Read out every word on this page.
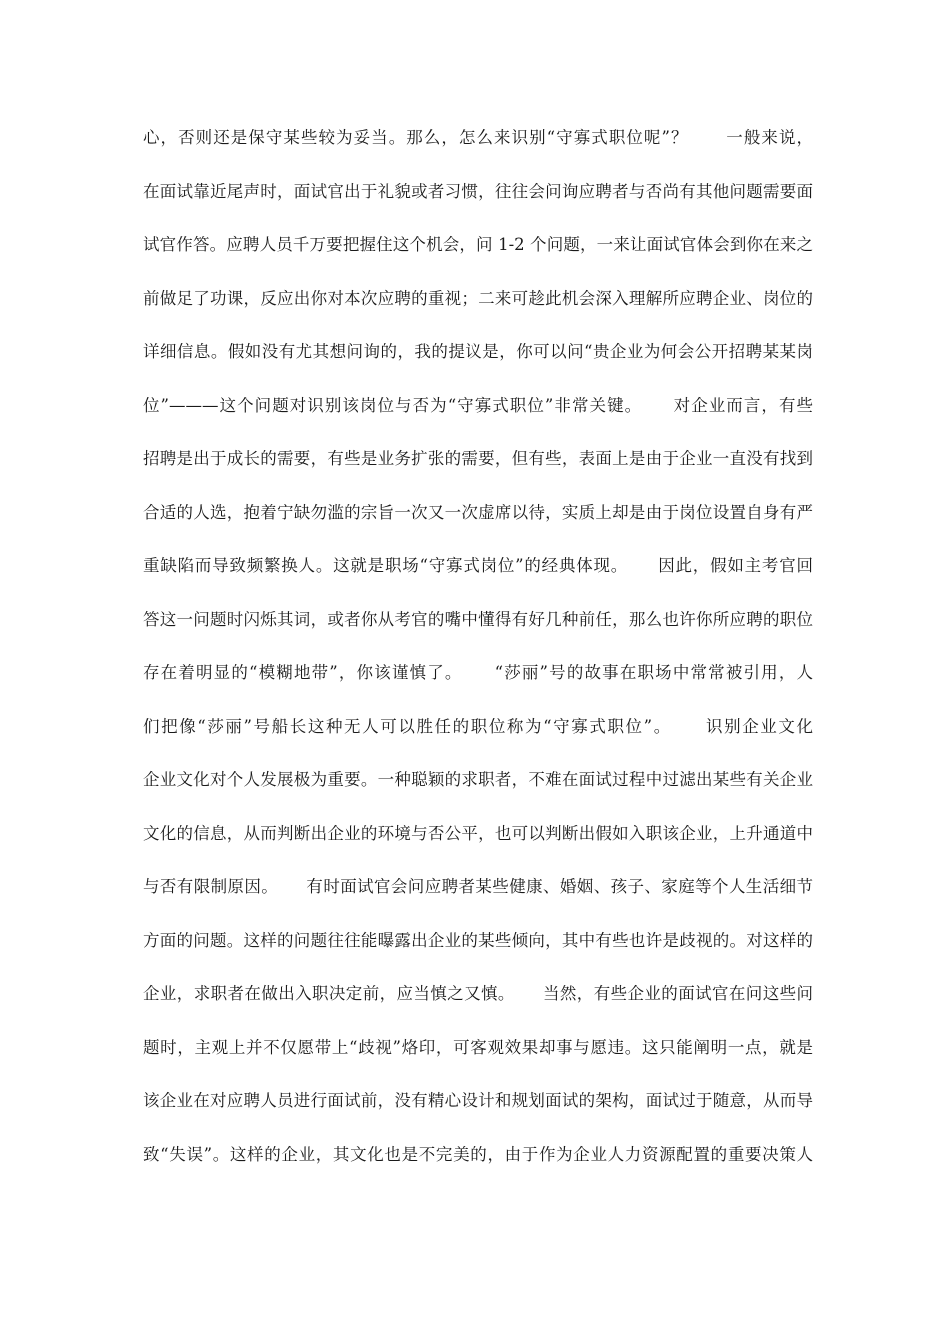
心，否则还是保守某些较为妥当。那么，怎么来识别“守寡式职位呢”？      一般来说，
在面试靠近尾声时，面试官出于礼貌或者习惯，往往会问询应聘者与否尚有其他问题需要面
试官作答。应聘人员千万要把握住这个机会，问 1-2 个问题，一来让面试官体会到你在来之
前做足了功课，反应出你对本次应聘的重视；二来可趁此机会深入理解所应聘企业、岗位的
详细信息。假如没有尤其想问询的，我的提议是，你可以问“贵企业为何会公开招聘某某岗
位”———这个问题对识别该岗位与否为“守寡式职位”非常关键。     对企业而言，有些
招聘是出于成长的需要，有些是业务扩张的需要，但有些，表面上是由于企业一直没有找到
合适的人选，抱着宁缺勿滥的宗旨一次又一次虚席以待，实质上却是由于岗位设置自身有严
重缺陷而导致频繁换人。这就是职场“守寡式岗位”的经典体现。     因此，假如主考官回
答这一问题时闪烁其词，或者你从考官的嘴中懂得有好几种前任，那么也许你所应聘的职位
存在着明显的“模糊地带”，你该谨慎了。     “莎丽”号的故事在职场中常常被引用，人
们把像“莎丽”号船长这种无人可以胜任的职位称为“守寡式职位”。     识别企业文化
企业文化对个人发展极为重要。一种聪颖的求职者，不难在面试过程中过滤出某些有关企业
文化的信息，从而判断出企业的环境与否公平，也可以判断出假如入职该企业，上升通道中
与否有限制原因。     有时面试官会问应聘者某些健康、婚姻、孩子、家庭等个人生活细节
方面的问题。这样的问题往往能曝露出企业的某些倾向，其中有些也许是歧视的。对这样的
企业，求职者在做出入职决定前，应当慎之又慎。     当然，有些企业的面试官在问这些问
题时，主观上并不仅愿带上“歧视”烙印，可客观效果却事与愿违。这只能阐明一点，就是
该企业在对应聘人员进行面试前，没有精心设计和规划面试的架构，面试过于随意，从而导
致“失误”。这样的企业，其文化也是不完美的，由于作为企业人力资源配置的重要决策人
